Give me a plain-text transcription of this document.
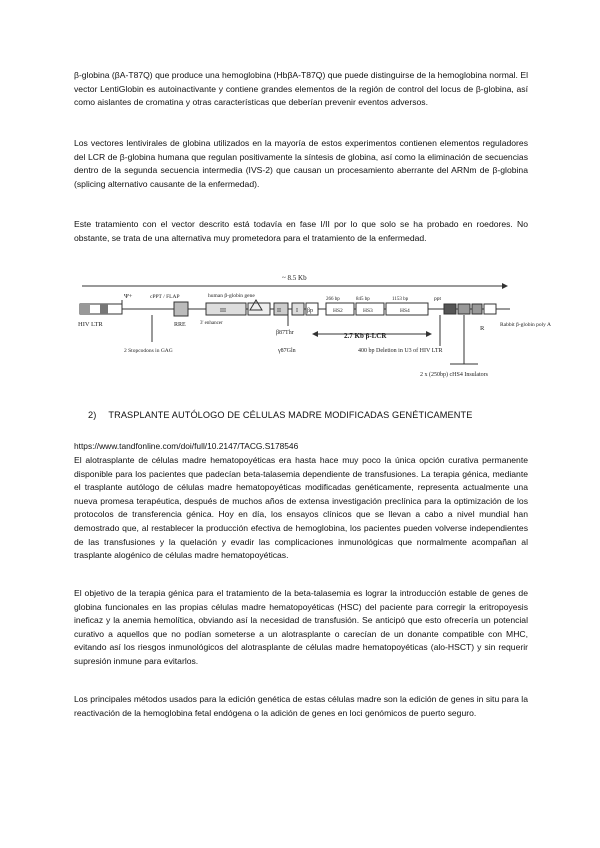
β-globina (βA-T87Q) que produce una hemoglobina (HbβA-T87Q) que puede distinguirse de la hemoglobina normal. El vector LentiGlobin es autoinactivante y contiene grandes elementos de la región de control del locus de β-globina, así como aislantes de cromatina y otras características que deberían prevenir eventos adversos.

Los vectores lentivirales de globina utilizados en la mayoría de estos experimentos contienen elementos reguladores del LCR de β-globina humana que regulan positivamente la síntesis de globina, así como la eliminación de secuencias dentro de la segunda secuencia intermedia (IVS-2) que causan un procesamiento aberrante del ARNm de β-globina (splicing alternativo causante de la enfermedad).

Este tratamiento con el vector descrito está todavía en fase I/II por lo que solo se ha probado en roedores. No obstante, se trata de una alternativa muy prometedora para el tratamiento de la enfermedad.

~ 8.5 Kb
HIV LTR
Ψ+	cPPT / FLAP
RRE
human β-globin gene
III
3' enhancer
II	I βp
266 bp	845 bp	1153 bp
HS2	HS3	HS4
2.7 Kb β-LCR
ppt
R	Rabbit β-globin poly A
2 Stopcodons in GAG
β87Thr
γ87Gln	400 bp Deletion in U3 of HIV LTR
2 x (250bp) cHS4 Insulators
2) TRASPLANTE AUTÓLOGO DE CÉLULAS MADRE MODIFICADAS GENÉTICAMENTE
https://www.tandfonline.com/doi/full/10.2147/TACG.S178546

El alotrasplante de células madre hematopoyéticas era hasta hace muy poco la única opción curativa permanente disponible para los pacientes que padecían beta-talasemia dependiente de transfusiones. La terapia génica, mediante el trasplante autólogo de células madre hematopoyéticas modificadas genéticamente, representa actualmente una nueva promesa terapéutica, después de muchos años de extensa investigación preclínica para la optimización de los protocolos de transferencia génica. Hoy en día, los ensayos clínicos que se llevan a cabo a nivel mundial han demostrado que, al restablecer la producción efectiva de hemoglobina, los pacientes pueden volverse independientes de las transfusiones y la quelación y evadir las complicaciones inmunológicas que normalmente acompañan al trasplante alogénico de células madre hematopoyéticas.

El objetivo de la terapia génica para el tratamiento de la beta-talasemia es lograr la introducción estable de genes de globina funcionales en las propias células madre hematopoyéticas (HSC) del paciente para corregir la eritropoyesis ineficaz y la anemia hemolítica, obviando así la necesidad de transfusión. Se anticipó que esto ofrecería un potencial curativo a aquellos que no podían someterse a un alotrasplante o carecían de un donante compatible con MHC, evitando así los riesgos inmunológicos del alotrasplante de células madre hematopoyéticas (alo-HSCT) y sin requerir supresión inmune para evitarlos.

Los principales métodos usados para la edición genética de estas células madre son la edición de genes in situ para la reactivación de la hemoglobina fetal endógena o la adición de genes en loci genómicos de puerto seguro.
